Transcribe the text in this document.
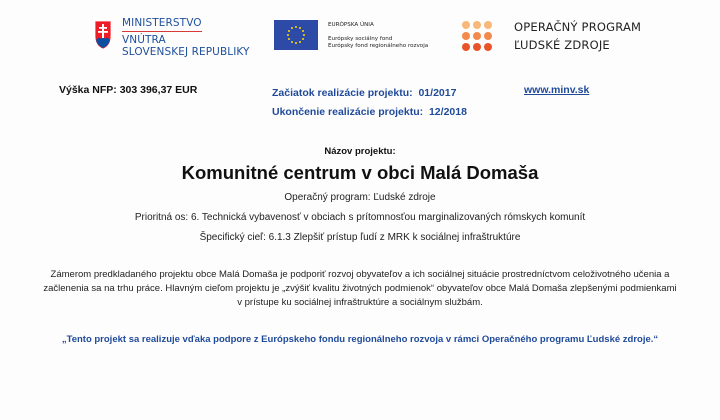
MINISTERSTVO
VNÚTRA
SLOVENSKEJ REPUBLIKY
EURÓPSKA ÚNIA
Európsky sociálny fond
Európsky fond regionálneho rozvoja
OPERAČNÝ PROGRAM
ĽUDSKÉ ZDROJE
Výška NFP: 303 396,37 EUR	Začiatok realizácie projektu:  01/2017
Ukončenie realizácie projektu:  12/2018
www.minv.sk
Názov projektu:
Komunitné centrum v obci Malá Domaša
Operačný program: Ľudské zdroje
Prioritná os: 6. Technická vybavenosť v obciach s prítomnosťou marginalizovaných rómskych komunít
Špecifický cieľ: 6.1.3 Zlepšiť prístup ľudí z MRK k sociálnej infraštruktúre
Zámerom predkladaného projektu obce Malá Domaša je podporiť rozvoj obyvateľov a ich sociálnej situácie prostredníctvom celoživotného učenia a začlenenia sa na trhu práce. Hlavným cieľom projektu je „zvýšiť kvalitu životných podmienok“ obyvateľov obce Malá Domaša zlepšenými podmienkami v prístupe ku sociálnej infraštruktúre a sociálnym službám.
„Tento projekt sa realizuje vďaka podpore z Európskeho fondu regionálneho rozvoja v rámci Operačného programu Ľudské zdroje.“
